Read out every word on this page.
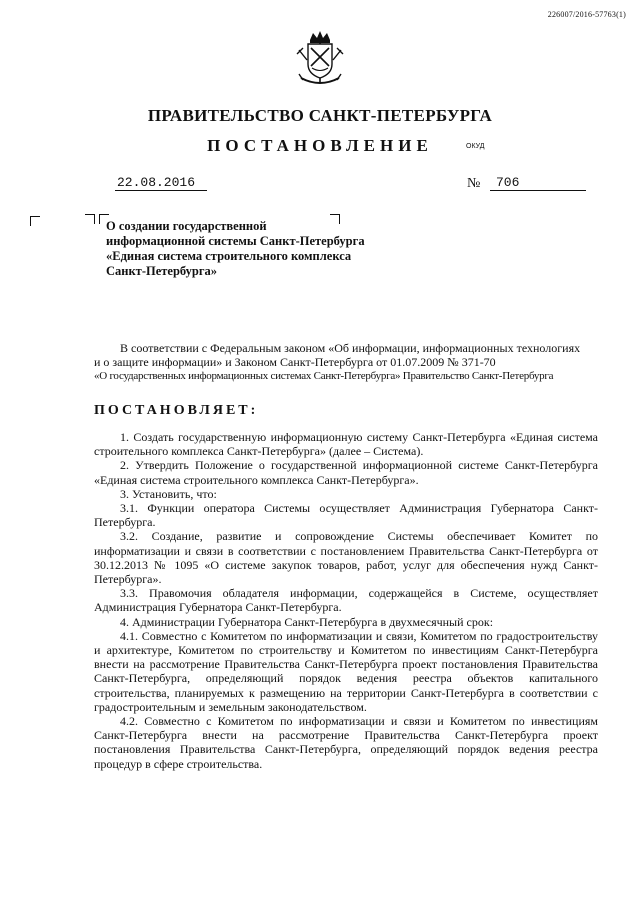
226007/2016-57763(1)
ПРАВИТЕЛЬСТВО САНКТ-ПЕТЕРБУРГА
ПОСТАНОВЛЕНИЕ	ОКУД
22.08.2016	№	706
О создании государственной
информационной системы Санкт-Петербурга
«Единая система строительного комплекса
Санкт-Петербурга»

В соответствии с Федеральным законом «Об информации, информационных технологиях

и о защите информации» и Законом Санкт-Петербурга от 01.07.2009 № 371-70

«О государственных информационных системах Санкт-Петербурга» Правительство Санкт-Петербурга

ПОСТАНОВЛЯЕТ:

1. Создать государственную информационную систему Санкт-Петербурга «Единая система строительного комплекса Санкт-Петербурга» (далее – Система).

2. Утвердить Положение о государственной информационной системе Санкт-Петербурга «Единая система строительного комплекса Санкт-Петербурга».

3. Установить, что:

3.1. Функции оператора Системы осуществляет Администрация Губернатора Санкт-Петербурга.

3.2. Создание, развитие и сопровождение Системы обеспечивает Комитет по информатизации и связи в соответствии с постановлением Правительства Санкт-Петербурга от 30.12.2013 № 1095 «О системе закупок товаров, работ, услуг для обеспечения нужд Санкт-Петербурга».

3.3. Правомочия обладателя информации, содержащейся в Системе, осуществляет Администрация Губернатора Санкт-Петербурга.

4. Администрации Губернатора Санкт-Петербурга в двухмесячный срок:

4.1. Совместно с Комитетом по информатизации и связи, Комитетом по градостроительству и архитектуре, Комитетом по строительству и Комитетом по инвестициям Санкт-Петербурга внести на рассмотрение Правительства Санкт-Петербурга проект постановления Правительства Санкт-Петербурга, определяющий порядок ведения реестра объектов капитального строительства, планируемых к размещению на территории Санкт-Петербурга в соответствии с градостроительным и земельным законодательством.

4.2. Совместно с Комитетом по информатизации и связи и Комитетом по инвестициям Санкт-Петербурга внести на рассмотрение Правительства Санкт-Петербурга проект постановления Правительства Санкт-Петербурга, определяющий порядок ведения реестра процедур в сфере строительства.
